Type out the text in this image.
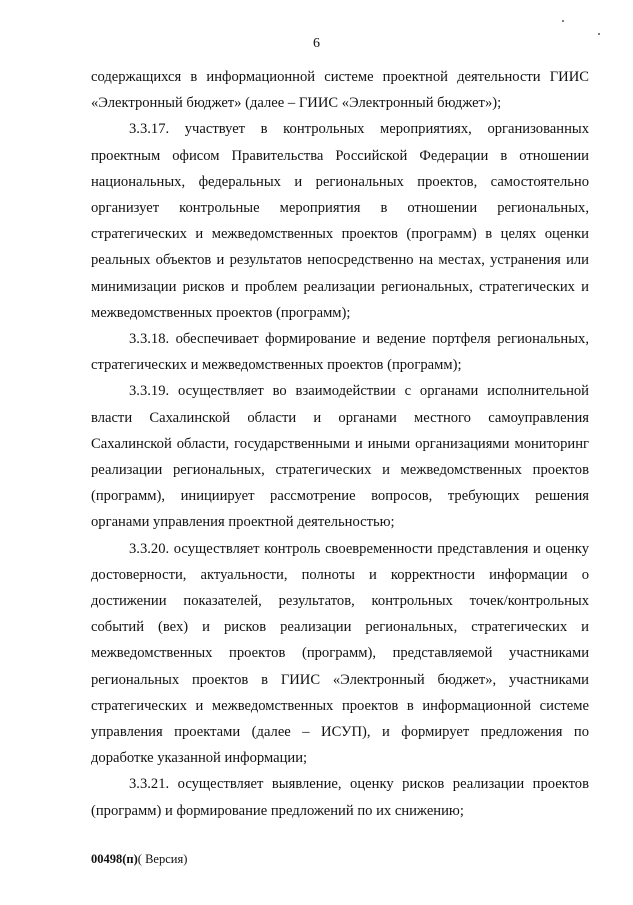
6

содержащихся в информационной системе проектной деятельности ГИИС «Электронный бюджет» (далее – ГИИС «Электронный бюджет»);

3.3.17. участвует в контрольных мероприятиях, организованных проектным офисом Правительства Российской Федерации в отношении национальных, федеральных и региональных проектов, самостоятельно организует контрольные мероприятия в отношении региональных, стратегических и межведомственных проектов (программ) в целях оценки реальных объектов и результатов непосредственно на местах, устранения или минимизации рисков и проблем реализации региональных, стратегических и межведомственных проектов (программ);

3.3.18. обеспечивает формирование и ведение портфеля региональных, стратегических и межведомственных проектов (программ);

3.3.19. осуществляет во взаимодействии с органами исполнительной власти Сахалинской области и органами местного самоуправления Сахалинской области, государственными и иными организациями мониторинг реализации региональных, стратегических и межведомственных проектов (программ), инициирует рассмотрение вопросов, требующих решения органами управления проектной деятельностью;

3.3.20. осуществляет контроль своевременности представления и оценку достоверности, актуальности, полноты и корректности информации о достижении показателей, результатов, контрольных точек/контрольных событий (вех) и рисков реализации региональных, стратегических и межведомственных проектов (программ), представляемой участниками региональных проектов в ГИИС «Электронный бюджет», участниками стратегических и межведомственных проектов в информационной системе управления проектами (далее – ИСУП), и формирует предложения по доработке указанной информации;

3.3.21. осуществляет выявление, оценку рисков реализации проектов (программ) и формирование предложений по их снижению;

00498(п)( Версия)
